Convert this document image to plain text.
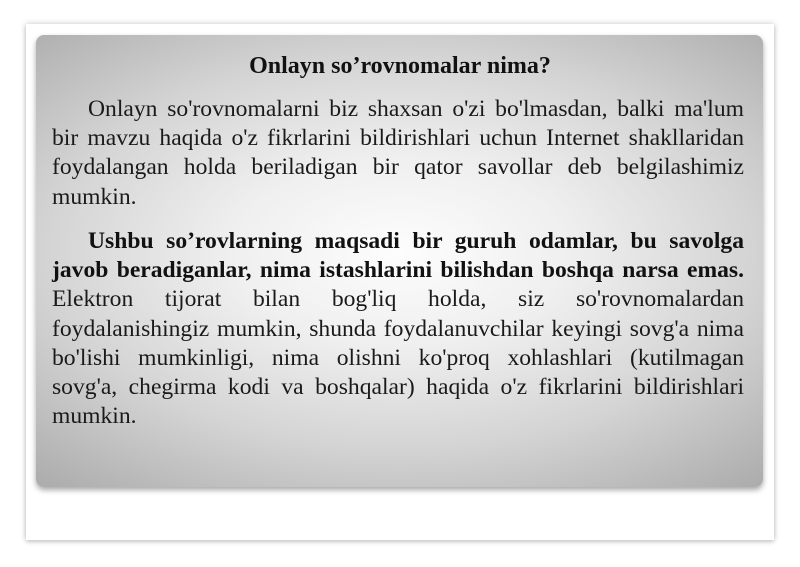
Onlayn so’rovnomalar nima?

Onlayn so'rovnomalarni biz shaxsan o'zi bo'lmasdan, balki ma'lum bir mavzu haqida o'z fikrlarini bildirishlari uchun Internet shakllaridan foydalangan holda beriladigan bir qator savollar deb belgilashimiz mumkin.

Ushbu so’rovlarning maqsadi bir guruh odamlar, bu savolga javob beradiganlar, nima istashlarini bilishdan boshqa narsa emas. Elektron tijorat bilan bog'liq holda, siz so'rovnomalardan foydalanishingiz mumkin, shunda foydalanuvchilar keyingi sovg'a nima bo'lishi mumkinligi, nima olishni ko'proq xohlashlari (kutilmagan sovg'a, chegirma kodi va boshqalar) haqida o'z fikrlarini bildirishlari mumkin.
